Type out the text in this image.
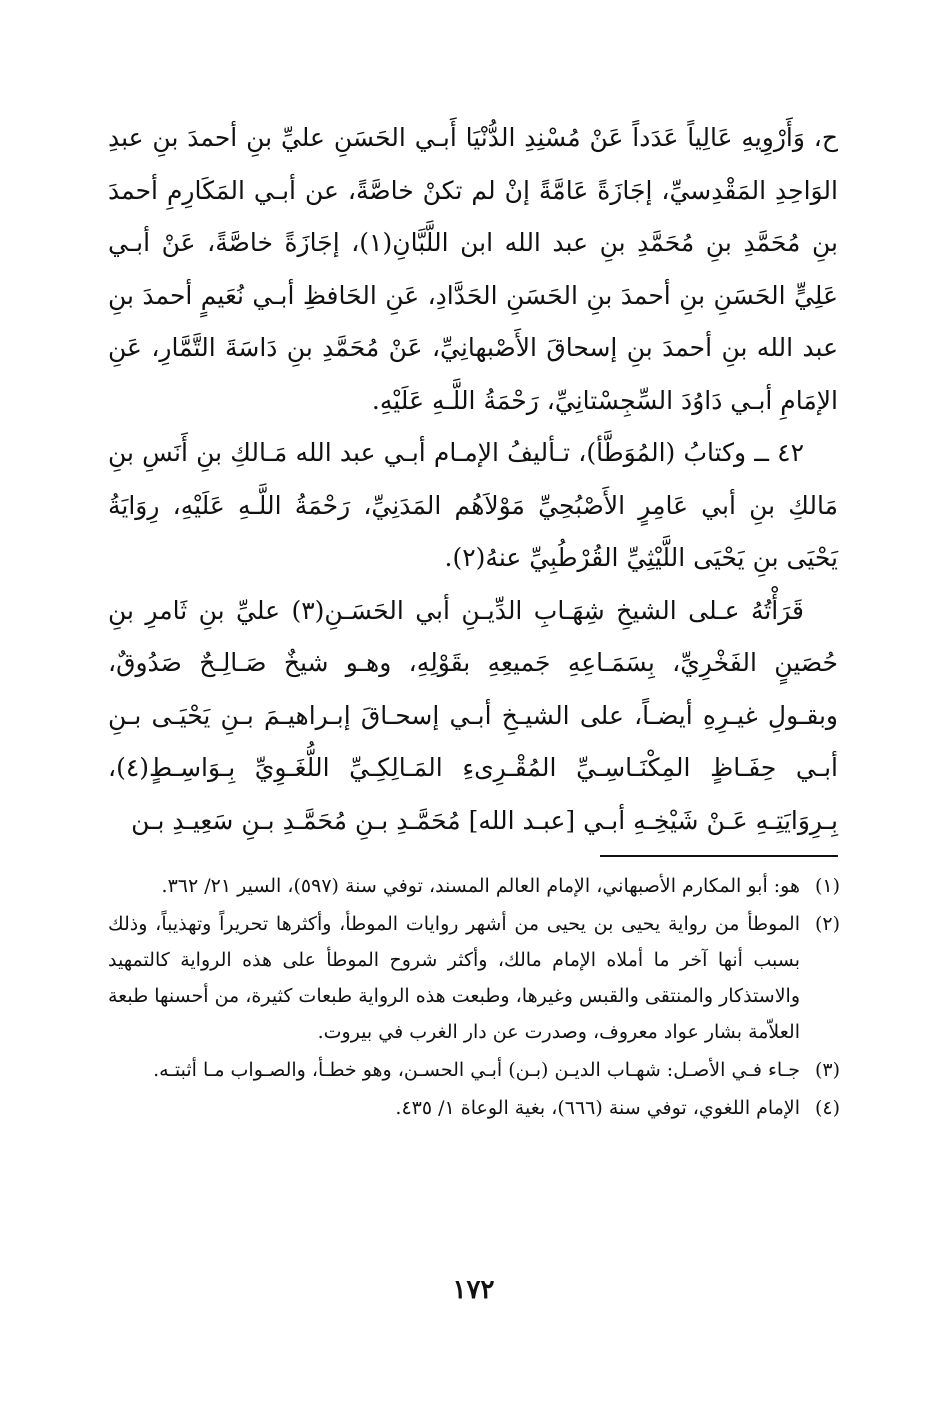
ح، وَأَرْوِيهِ عَالِياً عَدَداً عَنْ مُسْنِدِ الدُّنْيَا أَبـي الحَسَنِ عليِّ بنِ أحمدَ بنِ عبدِ الوَاحِدِ المَقْدِسيِّ، إجَازَةً عَامَّةً إنْ لم تكنْ خاصَّةً، عن أبـي المَكَارِمِ أحمدَ بنِ مُحَمَّدِ بنِ مُحَمَّدِ بنِ عبد الله ابن اللَّبَّانِ(١)، إجَازَةً خاصَّةً، عَنْ أبـي عَلِيٍّ الحَسَنِ بنِ أحمدَ بنِ الحَسَنِ الحَدَّادِ، عَنِ الحَافظِ أبـي نُعَيمٍ أحمدَ بنِ عبد الله بنِ أحمدَ بنِ إسحاقَ الأَصْبهانِيِّ، عَنْ مُحَمَّدِ بنِ دَاسَةَ التَّمَّارِ، عَنِ الإمَامِ أبـي دَاوُدَ السِّجِسْتانِيِّ، رَحْمَةُ اللَّـهِ عَلَيْهِ.

٤٢ ــ وكتابُ (المُوَطَّأ)، تـأليفُ الإمـام أبـي عبد الله مَـالكِ بنِ أَنَسِ بنِ مَالكِ بنِ أبي عَامِرٍ الأَصْبُحِيِّ مَوْلاَهُم المَدَنِيِّ، رَحْمَةُ اللَّـهِ عَلَيْهِ، رِوَايَةُ يَحْيَى بنِ يَحْيَى اللَّيْثِيِّ القُرْطُبِيِّ عنهُ(٢).

قَرَأْتُهُ عـلى الشيخِ شِهَـابِ الدِّيـنِ أبي الحَسَـنِ(٣) عليِّ بنِ ثَامرِ بنِ حُصَينٍ الفَخْرِيِّ، بِسَمَـاعِهِ جَميعِهِ بقَوْلِهِ، وهـو شيخٌ صَـالِـحٌ صَدُوقٌ، وبقـولِ غيـرِهِ أيضـاً، على الشيـخِ أبـي إسحـاقَ إبـراهيـمَ بـنِ يَحْيَـى بـنِ أبـي حِفَـاظٍ المِكْنَـاسِـيِّ المُقْـرِىءِ المَـالِكِـيِّ اللُّغَـوِيِّ بِـوَاسِـطٍ(٤)، بِـرِوَايَتِـهِ عَـنْ شَيْخِـهِ أبـي [عبـد الله] مُحَمَّـدِ بـنِ مُحَمَّـدِ بـنِ سَعِيـدِ بـن

(١)
هو: أبو المكارم الأصبهاني، الإمام العالم المسند، توفي سنة (٥٩٧)، السير ٢١/ ٣٦٢.
(٢)
الموطأ من رواية يحيى بن يحيى من أشهر روايات الموطأ، وأكثرها تحريراً وتهذيباً، وذلك بسبب أنها آخر ما أملاه الإمام مالك، وأكثر شروح الموطأ على هذه الرواية كالتمهيد والاستذكار والمنتقى والقبس وغيرها، وطبعت هذه الرواية طبعات كثيرة، من أحسنها طبعة العلاّمة بشار عواد معروف، وصدرت عن دار الغرب في بيروت.
(٣)
جـاء فـي الأصـل: شهـاب الديـن (بـن) أبـي الحسـن، وهو خطـأ، والصـواب مـا أثبتـه.
(٤)
الإمام اللغوي، توفي سنة (٦٦٦)، بغية الوعاة ١/ ٤٣٥.
١٧٢
